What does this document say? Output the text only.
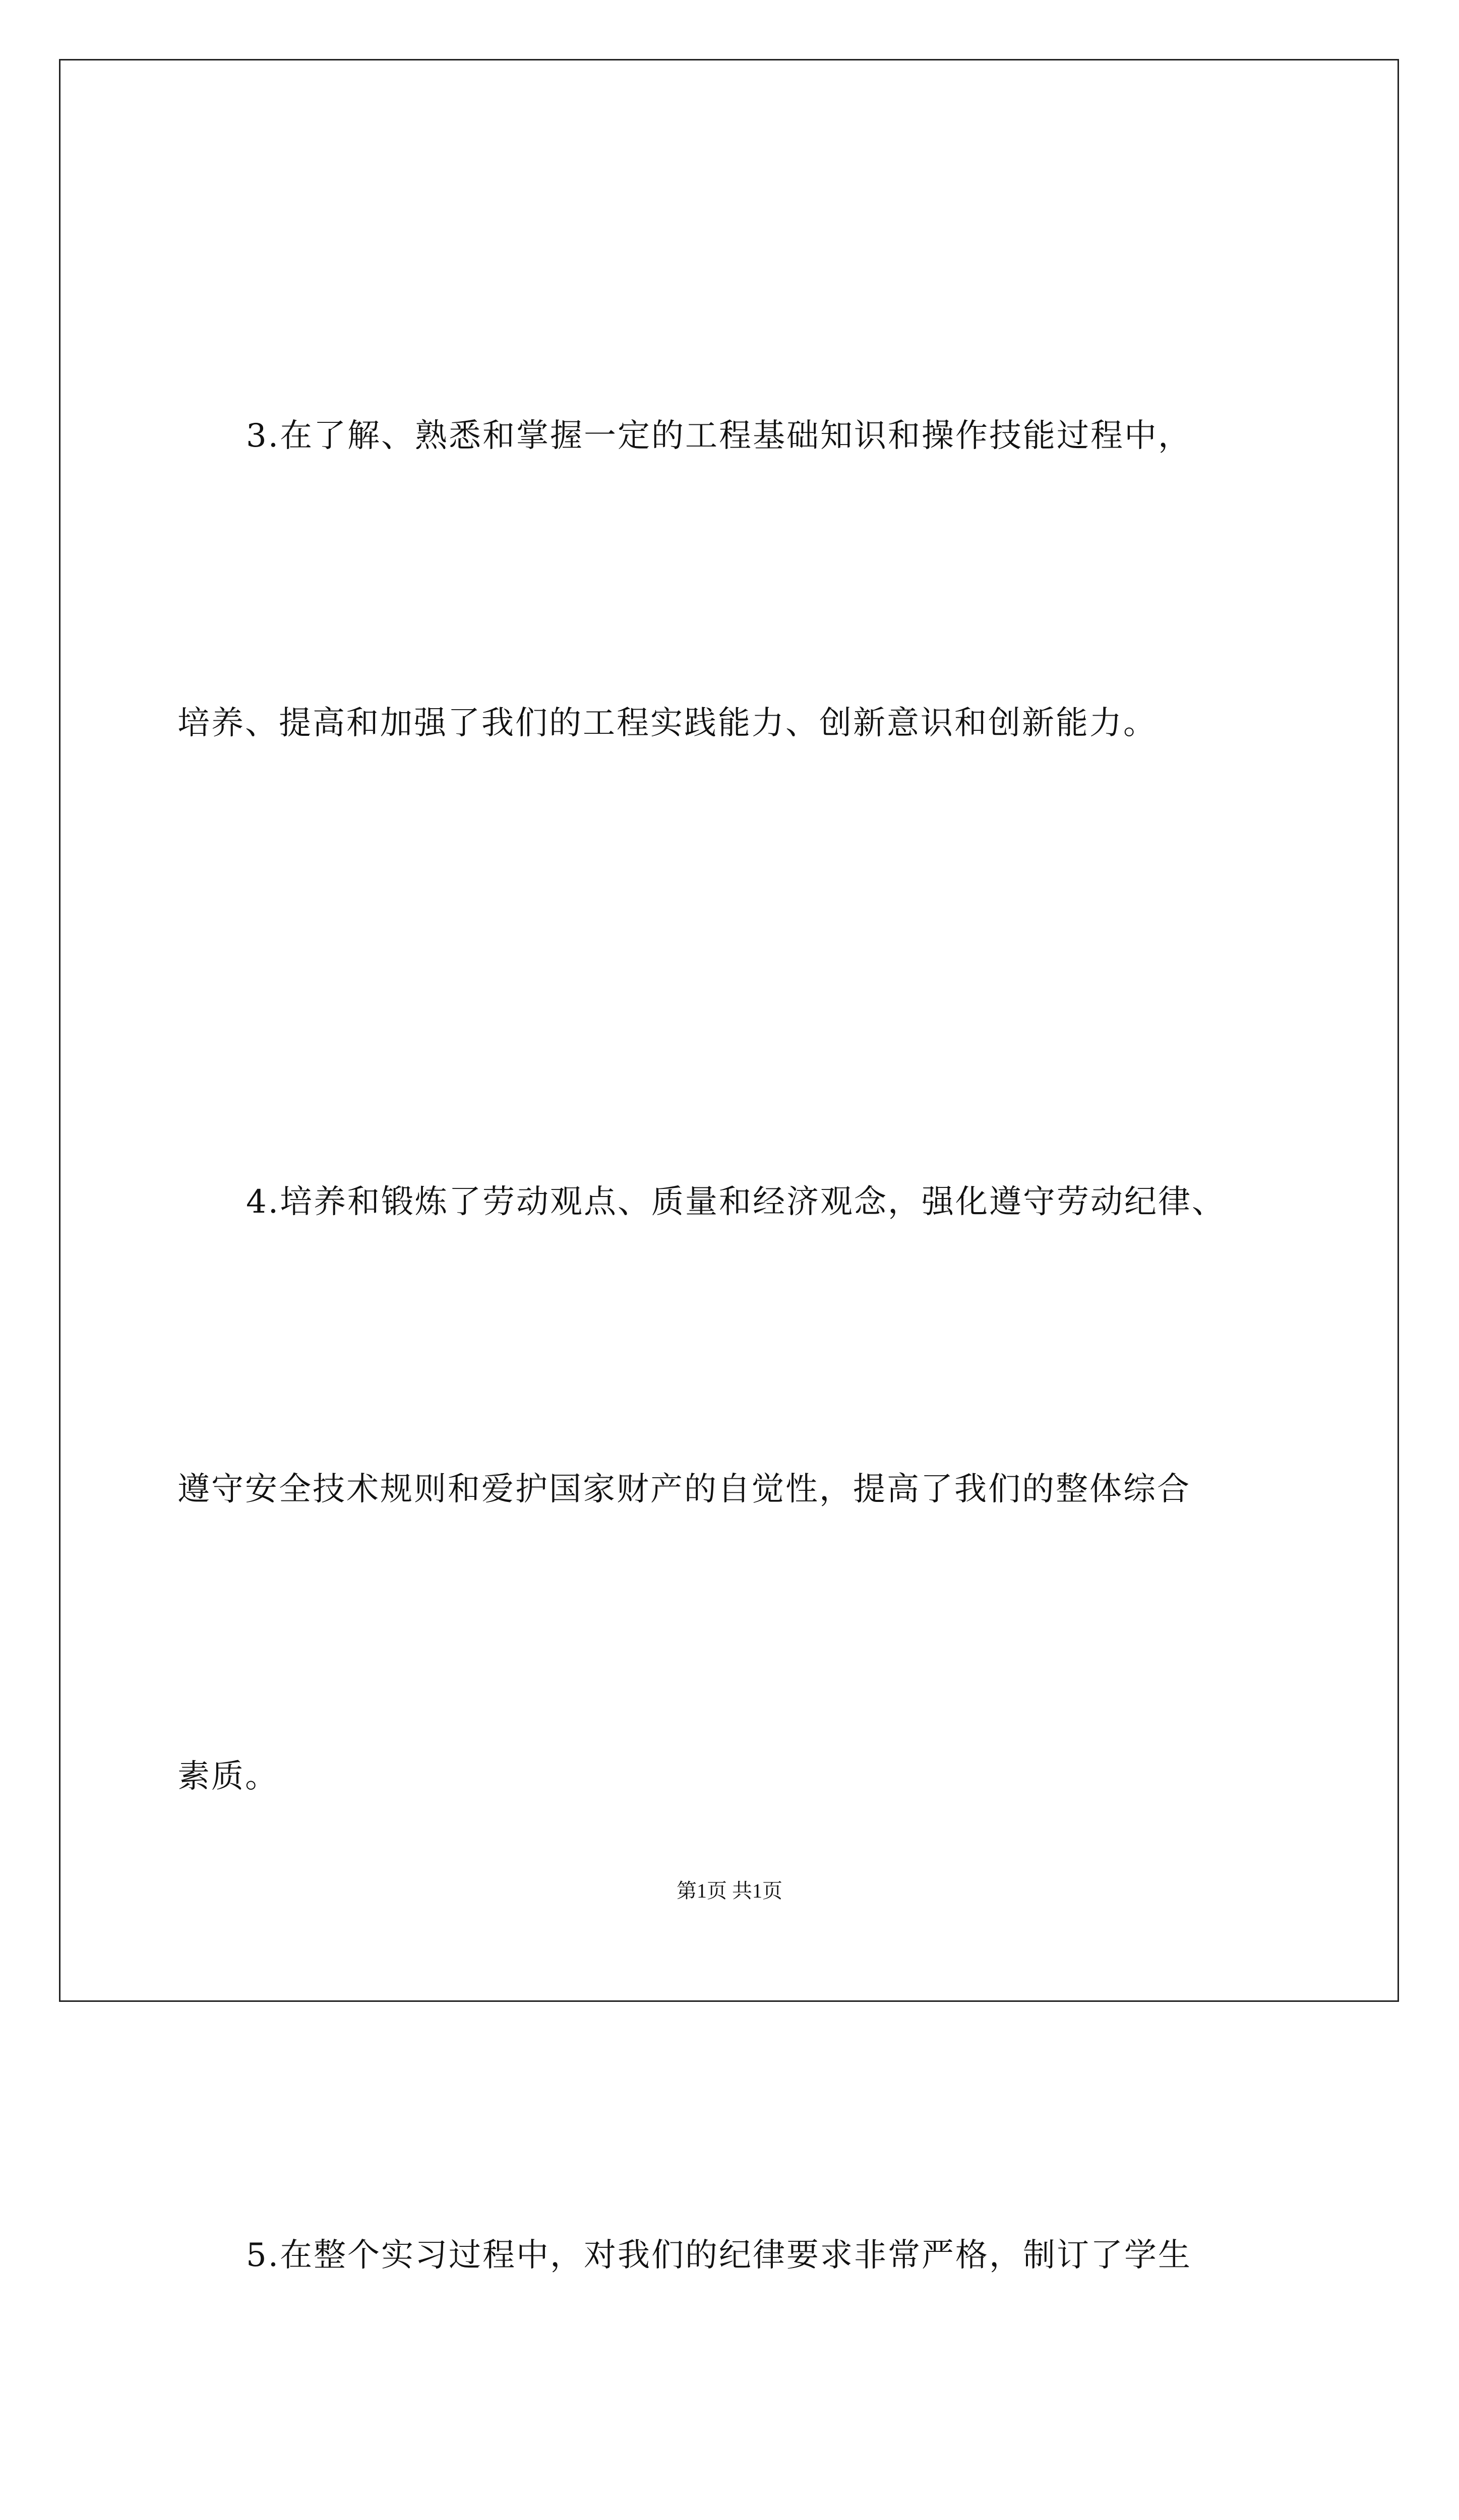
3.在了解、熟悉和掌握一定的工程基础知识和操作技能过程中，

培养、提高和加强了我们的工程实践能力、创新意识和创新能力。

4.培养和锻炼了劳动观点、质量和经济观念，强化遵守劳动纪律、

遵守安全技术规则和爱护国家财产的自觉性，提高了我们的整体综合

素质。

5.在整个实习过程中，对我们的纪律要求非常严格，制订了学生

第1页 共1页
